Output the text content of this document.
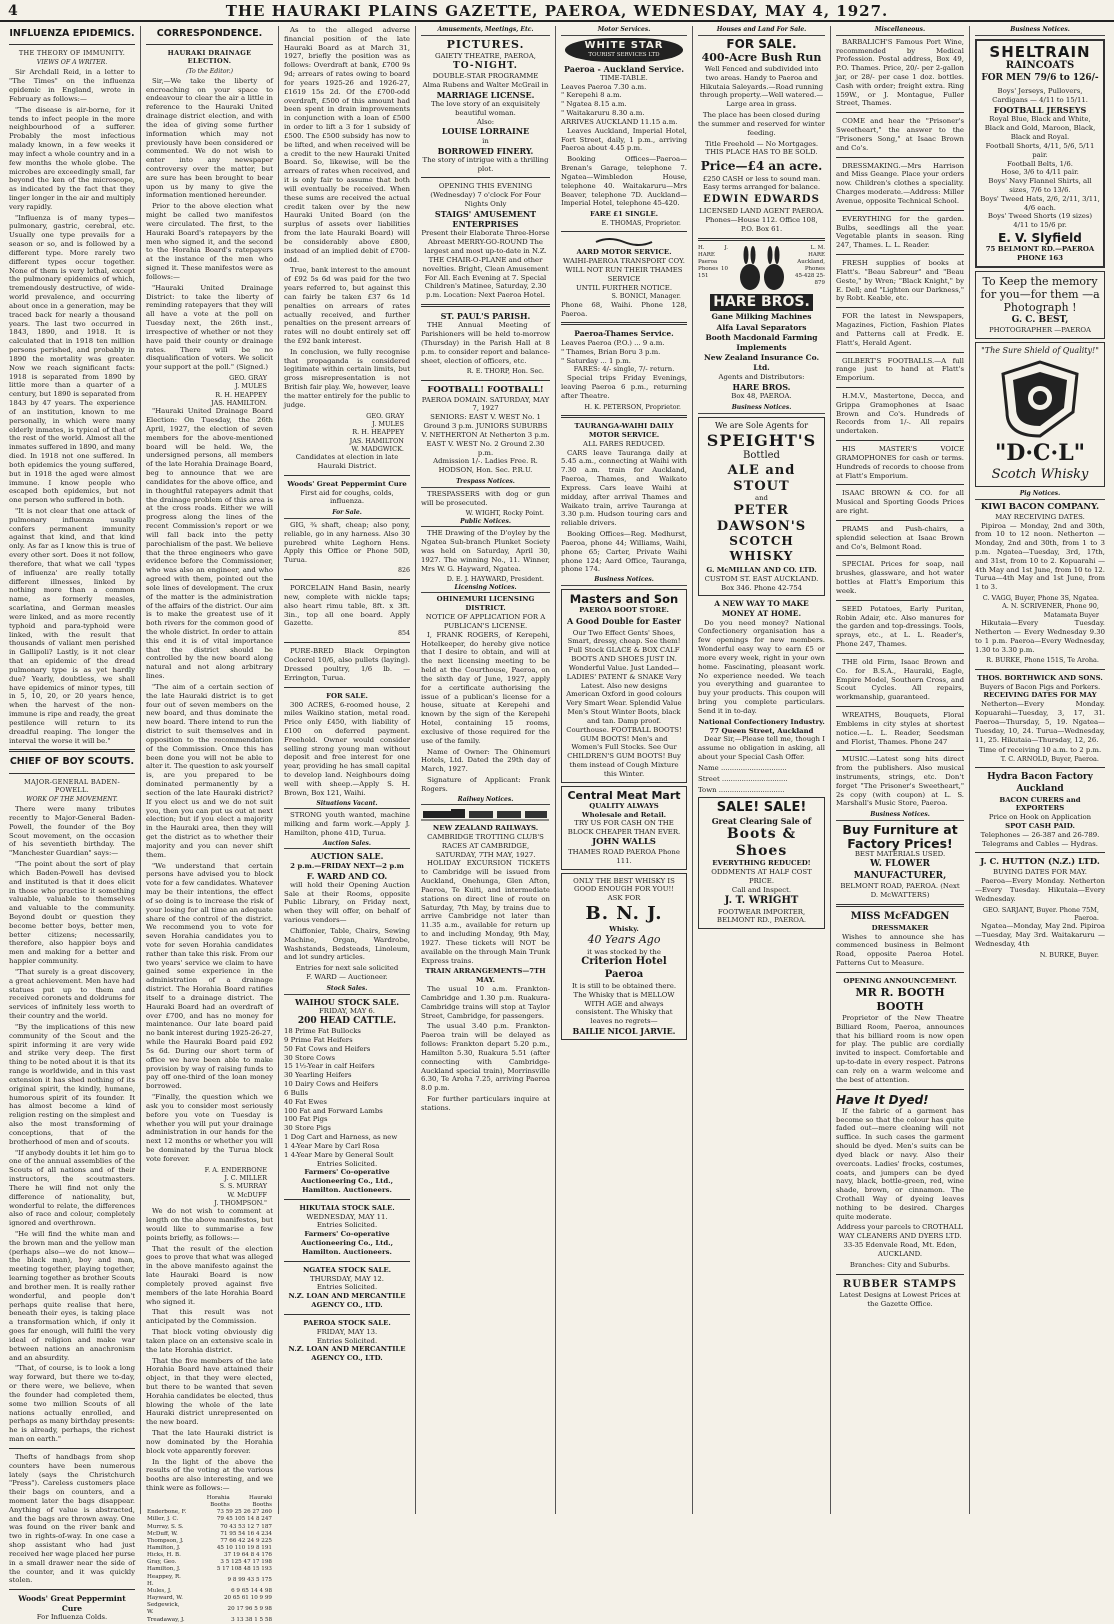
4	THE HAURAKI PLAINS GAZETTE, PAEROA, WEDNESDAY, MAY 4, 1927.
INFLUENZA EPIDEMICS.
THE THEORY OF IMMUNITY.
VIEWS OF A WRITER.

Sir Archdall Reid, in a letter to "The Times" on the influenza epidemic in England, wrote in February as follows:—

"The disease is air-borne, for it tends to infect people in the more neighbourhood of a sufferer. Probably the most infectious malady known, in a few weeks it may infect a whole country and in a few months the whole globe. The microbes are exceedingly small, far beyond the ken of the microscope, as indicated by the fact that they linger longer in the air and multiply very rapidly.

"Influenza is of many types—pulmonary, gastric, cerebral, etc. Usually one type prevails for a season or so, and is followed by a different type. More rarely two different types occur together. None of them is very lethal, except the pulmonary epidemics of which, tremendously destructive, of wide-world prevalence, and occurring about once in a generation, may be traced back for nearly a thousand years. The last two occurred in 1843, 1890, and 1918. It is calculated that in 1918 ten million persons perished, and probably in 1890 the mortality was greater. Now we reach significant facts: 1918 is separated from 1890 by little more than a quarter of a century, but 1890 is separated from 1843 by 47 years. The experience of an institution, known to me personally, in which were many elderly inmates, is typical of that of the rest of the world. Almost all the inmates suffered in 1890, and many died. In 1918 not one suffered. In both epidemics the young suffered, but in 1918 the aged were almost immune. I know people who escaped both epidemics, but not one person who suffered in both.

"It is not clear that one attack of pulmonary influenza usually confers permanent immunity against that kind, and that kind only. As far as I know this is true of every other sort. Does it not follow, therefore, that what we call 'types of influenza' are really totally different illnesses, linked by nothing more than a common name, as formerly measles, scarlatina, and German measles were linked, and as more recently typhoid and para-typhoid were linked, with the result that thousands of valiant men perished in Gallipoli? Lastly, is it not clear that an epidemic of the dread pulmonary type is as yet hardly due? Yearly, doubtless, we shall have epidemics of minor types, till in 5, 10, 20, or 20 years hence, when the harvest of the non-immune is ripe and ready, the great pestilence will return to its dreadful reaping. The longer the interval the worse it will be."

CHIEF OF BOY SCOUTS.
MAJOR-GENERAL BADEN-POWELL.
WORK OF THE MOVEMENT.

There were many tributes recently to Major-General Baden-Powell, the founder of the Boy Scout movement, on the occasion of his seventieth birthday. The "Manchester Guardian" says:—

"The point about the sort of play which Baden-Powell has devised and instituted is that it does elicit in those who practise it something valuable, valuable to themselves and valuable to the community. Beyond doubt or question they become better boys, better men, better citizens; necessarily, therefore, also happier boys and men and making for a better and happier community.

"That surely is a great discovery, a great achievement. Men have had statues put up to them and received coronets and doldrums for services of infinitely less worth to their country and the world.

"By the implications of this new community of the Scout and the spirit informing it are very wide and strike very deep. The first thing to be noted about it is that its range is worldwide, and in this vast extension it has shed nothing of its original spirit, the kindly, humane, humorous spirit of its founder. It has almost become a kind of religion resting on the simplest and also the most transforming of conceptions, that of the brotherhood of men and of scouts.

"If anybody doubts it let him go to one of the annual assemblies of the Scouts of all nations and of their instructors, the scoutmasters. There he will find not only the difference of nationality, but, wonderful to relate, the differences also of race and colour, completely ignored and overthrown.

"He will find the white man and the brown man and the yellow man (perhaps also—we do not know—the black man), boy and man, meeting together, playing together, learning together as brother Scouts and brother men. It is really rather wonderful, and people don't perhaps quite realise that here, beneath their eyes, is taking place a transformation which, if only it goes far enough, will fulfil the very ideal of religion and make war between nations an anachronism and an absurdity.

"That, of course, is to look a long way forward, but there we to-day, or there were, we believe, when the founder had completed them, some two million Scouts of all nations actually enrolled, and perhaps as many birthday presents: he is already, perhaps, the richest man on earth."

Thefts of handbags from shop counters have been numerous lately (says the Christchurch "Press"). Careless customers place their bags on counters, and a moment later the bags disappear. Anything of value is abstracted, and the bags are thrown away. One was found on the river bank and two in rights-of-way. In one case a shop assistant who had just received her wage placed her purse in a small drawer near the side of the counter, and it was quickly stolen.

Woods' Great Peppermint Cure
For Influenza Colds.
CORRESPONDENCE.
HAURAKI DRAINAGE ELECTION.
(To the Editor.)

Sir,—We take the liberty of encroaching on your space to endeavour to clear the air a little in reference to the Hauraki United drainage district election, and with the idea of giving some further information which may not previously have been considered or commented. We do not wish to enter into any newspaper controversy over the matter, but are sure has been brought to bear upon us by many to give the information mentioned hereunder.

Prior to the above election what might be called two manifestos were circulated. The first, to the Hauraki Board's ratepayers by the men who signed it, and the second to the Horahia Board's ratepayers at the instance of the men who signed it. These manifestos were as follows:—

"Hauraki United Drainage District: to take the liberty of reminding ratepayers that they will all have a vote at the poll on Tuesday next, the 26th inst., irrespective of whether or not they have paid their county or drainage rates. There will be no disqualification of voters. We solicit your support at the poll." (Signed.)

GEO. GRAY
J. MULES
R. H. HEAPPEY
JAS. HAMILTON.

"Hauraki United Drainage Board Election: On Tuesday, the 26th April, 1927, the election of seven members for the above-mentioned board will be held. We, the undersigned persons, all members of the late Horahia Drainage Board, beg to announce that we are candidates for the above office, and in thoughtful ratepayers admit that the drainage problem of this area is at the cross roads. Either we will progress along the lines of the recent Commission's report or we will fall back into the petty parochialism of the past. We believe that the three engineers who gave evidence before the Commissioner, who was also an engineer, and who agreed with them, pointed out the sole lines of development. The crux of the matter is the administration of the affairs of the district. Our aim is to make the greatest use of it both rivers for the common good of the whole district. In order to attain this end it is of vital importance that the district should be controlled by the new board along natural and not along arbitrary lines.

"The aim of a certain section of the late Hauraki district is to get four out of seven members on the new board, and thus dominate the new board. There intend to run the district to suit themselves and in opposition to the recommendation of the Commission. Once this has been done you will not be able to alter it. The question to ask yourself is, are you prepared to be dominated permanently by a section of the late Hauraki district? If you elect us and we do not suit you, then you can put us out at next election; but if you elect a majority in the Hauraki area, then they will get the district as to whether their majority and you can never shift them.

"We understand that certain persons have advised you to block vote for a few candidates. Whatever may be their intentions, the effect of so doing is to increase the risk of your losing for all time an adequate share of the control of the district. We recommend you to vote for seven Horahia candidates you to vote for seven Horahia candidates rather than take this risk. From our two years' service we claim to have gained some experience in the administration of a drainage district. The Horahia Board ratifies itself to a drainage district. The Hauraki Board had an overdraft of over £700, and has no money for maintenance. Our late board paid no bank interest during 1925-26-27, while the Hauraki Board paid £92 5s 6d. During our short term of office we have been able to make provision by way of raising funds to pay off one-third of the loan money borrowed.

"Finally, the question which we ask you to consider most seriously before you vote on Tuesday is whether you will put your drainage administration in our hands for the next 12 months or whether you will be dominated by the Turua block vote forever.

F. A. ENDERBONE
J. C. MILLER
S. S. MURRAY
W. McDUFF
J. THOMPSON."

We do not wish to comment at length on the above manifestos, but would like to summarise a few points briefly, as follows:—

That the result of the election goes to prove that what was alleged in the above manifesto against the late Hauraki Board is now completely proved against five members of the late Horahia Board who signed it.

That this result was not anticipated by the Commission.

That block voting obviously dig taken place on an extensive scale in the late Horahia district.

That the five members of the late Horahia Board have attained their object, in that they were elected, but there to be wanted that seven Horahia candidates be elected, thus blowing the whole of the late Hauraki district unrepresented on the new board.

That the late Hauraki district is now dominated by the Horahia block vote apparently forever.

In the light of the above the results of the voting at the various booths are also interesting, and we think were as follows:—

	Horahia Booths	Hauraki Booths
Enderbone, F.	73 59 25 26 27 260	
Miller, J. C.	79 45 105 14 8 247	
Murray, S. S.	70 43 53 12 7 187	
McDuff, W.	71 95 54 16 4 234	
Thompson, J.	77 66 42 24 9 225	
Hamilton, J.	45 10 110 19 8 191	
Hicks, H. B.	37 19 64 8 4 176	
Gray, Geo.	3 5 125 47 17 198	
Hamilton, J.	5 17 108 48 15 193	
Heappey, R. H.	9 8 99 43 5 175	
Mules, J.	6 9 65 14 4 98	
Hayward, W.	20 65 61 10 9 99	
Sedgewick, W.	20 17 96 5 9 98	
Treadaway, J.	3 13 38 1 5 58	

As to the alleged adverse financial position of the late Hauraki Board as at March 31, 1927, briefly the position was as follows: Overdraft at bank, £700 9s 9d; arrears of rates owing to board for years 1925-26 and 1926-27, £1619 15s 2d. Of the £700-odd overdraft, £500 of this amount had been spent in drain improvements in conjunction with a loan of £500 in order to lift a 3 for 1 subsidy of £500. The £500 subsidy has now to be lifted, and when received will be a credit to the new Hauraki United Board. So, likewise, will be the arrears of rates when received, and it is only fair to assume that both will eventually be received. When these sums are received the actual credit taken over by the new Hauraki United Board (on the surplus of assets over liabilities from the late Hauraki Board) will be considerably above £800, instead of an implied debit of £700-odd.

True, bank interest to the amount of £92 5s 6d was paid for the two years referred to, but against this can fairly be taken £37 6s 1d penalties on arrears of rates actually received, and further penalties on the present arrears of rates will no doubt entirely set off the £92 bank interest.

In conclusion, we fully recognise that propaganda is considered legitimate within certain limits, but gross misrepresentation is not British fair play. We, however, leave the matter entirely for the public to judge.

GEO. GRAY
J. MULES
R. H. HEAPPEY
JAS. HAMILTON
W. MADGWICK.

Candidates at election in late Hauraki District.

Woods' Great Peppermint Cure
First aid for coughs, colds, influenza.
For Sale.

GIG, ¾ shaft, cheap; also pony, reliable, go in any harness. Also 30 purebred white Leghorn Hens. Apply this Office or Phone 50D, Turua.

826

PORCELAIN Hand Basin, nearly new, complete with nickle taps; also heart rimu table, 8ft. x 3ft. 3in., top all one board. Apply Gazette.

854

PURE-BRED Black Orpington Cockerel 10/6, also pullets (laying). Dressed poultry, 1/6 lb. —Errington, Turua.

FOR SALE.

300 ACRES, 6-roomed house, 2 miles Waikino station, metal road. Price only £450, with liability of £100 on deferred payment. Freehold. Owner would consider selling strong young man without deposit and free interest for one year, providing he has small capital to develop land. Neighbours doing well with sheep.—Apply S. H. Brown, Box 121, Waihi.

Situations Vacant.

STRONG youth wanted, machine milking and farm work.—Apply J. Hamilton, phone 41D, Turua.

Auction Sales.
AUCTION SALE.
2 p.m.—FRIDAY NEXT—2 p.m
F. WARD AND CO.

will hold their Opening Auction Sale at their Rooms, opposite Public Library, on Friday next, when they will offer, on behalf of various vendors—

Chiffonier, Table, Chairs, Sewing Machine, Organ, Wardrobe, Washstands, Bedsteads, Linoleum, and lot sundry articles.

Entries for next sale solicited
F. WARD — Auctioneer.
Stock Sales.
WAIHOU STOCK SALE.
FRIDAY, MAY 6.
200 HEAD CATTLE.
18 Prime Fat Bullocks
9 Prime Fat Heifers
50 Fat Cows and Heifers
30 Store Cows
15 1½-Year in calf Heifers
30 Yearling Heifers
10 Dairy Cows and Heifers
6 Bulls
40 Fat Ewes
100 Fat and Forward Lambs
100 Fat Pigs
30 Store Pigs
1 Dog Cart and Harness, as new
1 4-Year Mare by Carl Rosa
1 4-Year Mare by General Soult
Entries Solicited.
Farmers' Co-operative Auctioneering Co., Ltd., Hamilton. Auctioneers.
HIKUTAIA STOCK SALE.
WEDNESDAY, MAY 11.
Entries Solicited.
Farmers' Co-operative Auctioneering Co., Ltd., Hamilton. Auctioneers.
NGATEA STOCK SALE.
THURSDAY, MAY 12.
Entries Solicited.
N.Z. LOAN AND MERCANTILE AGENCY CO., LTD.
PAEROA STOCK SALE.
FRIDAY, MAY 13.
Entries Solicited.
N.Z. LOAN AND MERCANTILE AGENCY CO., LTD.
Amusements, Meetings, Etc.
PICTURES.
GAIETY THEATRE, PAEROA,
TO-NIGHT.
DOUBLE-STAR PROGRAMME
Alma Rubens and Walter McGrail in
MARRIAGE LICENSE.
The love story of an exquisitely beautiful woman.
Also:
LOUISE LORRAINE
in
BORROWED FINERY.
The story of intrigue with a thrilling plot.
OPENING THIS EVENING (Wednesday) 7 o'clock For Four Nights Only
STAIGS' AMUSEMENT ENTERPRISES
Present their Elaborate Three-Horse Abreast MERRY-GO-ROUND The largest and most up-to-date in N.Z.
THE CHAIR-O-PLANE and other novelties. Bright, Clean Amusement For All. Each Evening at 7. Special Children's Matinee, Saturday, 2.30 p.m. Location: Next Paeroa Hotel.
ST. PAUL'S PARISH.

THE Annual Meeting of Parishioners will be held to-morrow (Thursday) in the Parish Hall at 8 p.m. to consider report and balance-sheet, election of officers, etc.

R. E. THORP, Hon. Sec.
FOOTBALL! FOOTBALL!
PAEROA DOMAIN. SATURDAY, MAY 7, 1927
SENIORS: EAST V. WEST No. 1 Ground 3 p.m. JUNIORS SUBURBS V. NETHERTON At Netherton 3 p.m. EAST V. WEST No. 2 Ground 2.30 p.m.
Admission 1/-. Ladies Free. R. HODSON, Hon. Sec. P.R.U.
Trespass Notices.

TRESPASSERS with dog or gun will be prosecuted.

W. WIGHT, Rocky Point.
Public Notices.

THE Drawing of the D'oyley by the Ngatea Sub-branch Plunket Society was held on Saturday, April 30, 1927. The winning No., 11. Winner, Mrs W. G. Hayward, Ngatea.

D. E. J. HAYWARD, President.
Licensing Notices.
OHINEMURI LICENSING DISTRICT.
NOTICE OF APPLICATION FOR A PUBLICAN'S LICENSE.

I, FRANK ROGERS, of Kerepehi, Hotelkeeper, do hereby give notice that I desire to obtain, and will at the next licensing meeting to be held at the Courthouse, Paeroa, on the sixth day of June, 1927, apply for a certificate authorising the issue of a publican's license for a house, situate at Kerepehi and known by the sign of the Kerepehi Hotel, containing 15 rooms, exclusive of those required for the use of the family.

Name of Owner: The Ohinemuri Hotels, Ltd. Dated the 29th day of March, 1927.

Signature of Applicant: Frank Rogers.

Railway Notices.
NEW ZEALAND RAILWAYS.
CAMBRIDGE TROTTING CLUB'S RACES AT CAMBRIDGE, SATURDAY, 7TH MAY, 1927.

HOLIDAY EXCURSION TICKETS to Cambridge will be issued from Auckland, Onehunga, Glen Afton, Paeroa, Te Kuiti, and intermediate stations on direct line of route on Saturday, 7th May, by trains due to arrive Cambridge not later than 11.35 a.m., available for return up to and including Monday, 9th May, 1927. These tickets will NOT be available on the through Main Trunk Express trains.

TRAIN ARRANGEMENTS—7TH MAY.

The usual 10 a.m. Frankton-Cambridge and 1.30 p.m. Ruakura-Cambridge trains will stop at Taylor Street, Cambridge, for passengers.

The usual 3.40 p.m. Frankton-Paeroa train will be delayed as follows: Frankton depart 5.20 p.m., Hamilton 5.30, Ruakura 5.51 (after connecting with Cambridge-Auckland special train), Morrinsville 6.30, Te Aroha 7.25, arriving Paeroa 8.0 p.m.

For further particulars inquire at stations.

Motor Services.
WHITE STAR
TOURIST SERVICES LTD
Paeroa - Auckland Service.
TIME-TABLE.
Leaves Paeroa 7.30 a.m.
" Kerepehi 8 a.m.
" Ngatea 8.15 a.m.
" Waitakaruru 8.30 a.m.
ARRIVES AUCKLAND 11.15 a.m.

Leaves Auckland, Imperial Hotel, Fort Street, daily, 1 p.m., arriving Paeroa about 4.45 p.m.

Booking Offices—Paeroa—Brenan's Garage, telephone 7. Ngatea—Wimbledon House, telephone 40. Waitakaruru—Mrs Beaver, telephone 7D. Auckland—Imperial Hotel, telephone 45-420.

FARE £1 SINGLE.
E. THOMAS, Proprietor.
AARD MOTOR SERVICE.
WAIHI-PAEROA TRANSPORT COY.
WILL NOT RUN THEIR THAMES SERVICE
UNTIL FURTHER NOTICE.
S. BONICI, Manager.
Phone 68, Waihi. Phone 128, Paeroa.
Paeroa-Thames Service.
Leaves Paeroa (P.O.) ... 9 a.m.
" Thames, Brian Boru 3 p.m.
" Saturday ... 1 p.m.
FARES: 4/- single, 7/- return.

Special trips Friday Evenings, leaving Paeroa 6 p.m., returning after Theatre.

H. K. PETERSON, Proprietor.
TAURANGA-WAIHI DAILY MOTOR SERVICE.
ALL FARES REDUCED.

CARS leave Tauranga daily at 5.45 a.m., connecting at Waihi with 7.30 a.m. train for Auckland, Paeroa, Thames, and Waikato Express. Cars leave Waihi at midday, after arrival Thames and Waikato train, arrive Tauranga at 3.30 p.m. Hudson touring cars and reliable drivers.

Booking Offices—Reg. Medhurst, Paeroa, phone 44; Williams, Waihi, phone 65; Carter, Private Waihi phone 124; Aard Office, Tauranga, phone 174.

Business Notices.
Masters and Son
PAEROA BOOT STORE.
A Good Double for Easter
Our Two Effect Gents' Shoes, Smart, dressy, cheap. See them!
Full Stock GLACE & BOX CALF BOOTS AND SHOES JUST IN. Wonderful Value. Just Landed— LADIES' PATENT & SNAKE Very Latest. Also new designs American Oxford in good colours Very Smart Wear. Splendid Value Men's Stout Winter Boots, black and tan. Damp proof. Courthouse. FOOTBALL BOOTS! GUM BOOTS! Men's and Women's Full Stocks. See Our CHILDREN'S GUM BOOTS! Buy them instead of Cough Mixture this Winter.
Central Meat Mart
QUALITY ALWAYS
Wholesale and Retail.
TRY US FOR CASH ON THE BLOCK CHEAPER THAN EVER.
JOHN WALLS
THAMES ROAD PAEROA Phone 111.
ONLY THE BEST WHISKY IS GOOD ENOUGH FOR YOU!!
ASK FOR
B. N. J.
Whisky.
40 Years Ago
it was stocked by the
Criterion Hotel Paeroa
It is still to be obtained there.
The Whisky that is MELLOW WITH AGE and always consistent. The Whisky that leaves no regrets—
BAILIE NICOL JARVIE.
Houses and Land For Sale.
FOR SALE.
400-Acre Bush Run

Well Fenced and subdivided into two areas. Handy to Paeroa and Hikutaia Saleyards.—Road running through property.—Well watered.—Large area in grass.

The place has been closed during the summer and reserved for winter feeding.

Title Freehold — No Mortgages. THIS PLACE HAS TO BE SOLD.

Price—£4 an acre.

£250 CASH or less to sound man. Easy terms arranged for balance.

EDWIN EDWARDS
LICENSED LAND AGENT PAEROA.
Phones—House 112. Office 108, P.O. Box 61.
H. J. HARE Paeroa Phones 10 151
L. M. HARE Auckland, Phones 45-428 25-879
HARE BROS.
Gane Milking Machines
Alfa Laval Separators
Booth Macdonald Farming Implements
New Zealand Insurance Co. Ltd.
Agents and Distributors:
HARE BROS.
Box 48, PAEROA.
Business Notices.
We are Sole Agents for
SPEIGHT'S
Bottled
ALE and STOUT
and
PETER DAWSON'S
SCOTCH WHISKY
G. McMILLAN AND CO. LTD.
CUSTOM ST. EAST AUCKLAND.
Box 346. Phone 42-754
A NEW WAY TO MAKE MONEY AT HOME.

Do you need money? National Confectionery organisation has a few openings for new members. Wonderful easy way to earn £5 or more every week, right in your own home. Fascinating, pleasant work. No experience needed. We teach you everything and guarantee to buy your products. This coupon will bring you complete particulars. Send it in to-day.

National Confectionery Industry. 77 Queen Street, Auckland

Dear Sir,—Please tell me, though I assume no obligation in asking, all about your Special Cash Offer.

Name ..............................
Street ..............................
Town ..............................
SALE! SALE!
Great Clearing Sale of
Boots & Shoes
EVERYTHING REDUCED!
ODDMENTS AT HALF COST PRICE.
Call and Inspect.
J. T. WRIGHT
FOOTWEAR IMPORTER, BELMONT RD., PAEROA.
Miscellaneous.

BARBALICH'S Famous Port Wine, recommended by Medical Profession. Postal address, Box 49, P.O. Thames. Price, 20/- per 2-gallon jar, or 28/- per case 1 doz. bottles. Cash with order; freight extra. Ring 159W., or J. Montague, Fuller Street, Thames.

COME and hear the "Prisoner's Sweetheart," the answer to the "Prisoners Song," at Isaac Brown and Co's.

DRESSMAKING.—Mrs Harrison and Miss Geange. Place your orders now. Children's clothes a speciality. Charges moderate.—Address: Miller Avenue, opposite Technical School.

EVERYTHING for the garden. Bulbs, seedlings all the year. Vegetable plants in season. Ring 247, Thames. L. L. Reader.

FRESH supplies of books at Flatt's. "Beau Sabreur" and "Beau Geste," by Wren; "Black Knight," by E. Dell; and "Lighten our Darkness," by Robt. Keable, etc.

FOR the latest in Newspapers, Magazines, Fiction, Fashion Plates and Patterns call at Fredk. E. Flatt's, Herald Agent.

GILBERT'S FOOTBALLS.—A full range just to hand at Flatt's Emporium.

H.M.V., Mastertone, Decca, and Grippa Gramophones at Isaac Brown and Co's. Hundreds of Records from 1/-. All repairs undertaken.

HIS MASTER'S VOICE GRAMOPHONES for cash or terms. Hundreds of records to choose from at Flatt's Emporium.

ISAAC BROWN & CO. for all Musical and Sporting Goods Prices are right.

PRAMS and Push-chairs, a splendid selection at Isaac Brown and Co's, Belmont Road.

SPECIAL Prices for soap, nail brushes, glassware, and hot water bottles at Flatt's Emporium this week.

SEED Potatoes, Early Puritan, Robin Adair, etc. Also manures for the garden and top-dressings. Tools, sprays, etc., at L. L. Reader's, Phone 247, Thames.

THE old Firm, Isaac Brown and Co. for B.S.A., Hauraki, Eagle, Empire Model, Southern Cross, and Scout Cycles. All repairs, workmanship, guaranteed.

WREATHS, Bouquets, Floral Emblems in city styles at shortest notice.—L. L. Reader, Seedsman and Florist, Thames. Phone 247

MUSIC.—Latest song hits direct from the publishers. Also musical instruments, strings, etc. Don't forget "The Prisoner's Sweetheart," 2s copy (with coupon) at L. S. Marshall's Music Store, Paeroa.

Business Notices.
Buy Furniture at Factory Prices!
BEST MATERIALS USED.
W. FLOWER MANUFACTURER,
BELMONT ROAD, PAEROA. (Next D. McWATTERS)
MISS McFADGEN
DRESSMAKER

Wishes to announce she has commenced business in Belmont Road, opposite Paeroa Hotel. Patterns Cut to Measure.

OPENING ANNOUNCEMENT.
MR R. BOOTH BOOTH

Proprietor of the New Theatre Billiard Room, Paeroa, announces that his billiard room is now open for play. The public are cordially invited to inspect. Comfortable and up-to-date in every respect. Patrons can rely on a warm welcome and the best of attention.

Have It Dyed!

If the fabric of a garment has become so that the colour has quite faded out—mere cleaning will not suffice. In such cases the garment should be dyed. Men's suits can be dyed black or navy. Also their overcoats. Ladies' frocks, costumes, coats, and jumpers can be dyed navy, black, bottle-green, red, wine shade, brown, or cinnamon. The Crothall Way of dyeing leaves nothing to be desired. Charges quite moderate.

Address your parcels to CROTHALL WAY CLEANERS AND DYERS LTD. 33-35 Edenvale Road, Mt. Eden, AUCKLAND.

Branches: City and Suburbs.
RUBBER STAMPS
Latest Designs at Lowest Prices at the Gazette Office.
Business Notices.
SHELTRAIN
RAINCOATS
FOR MEN 79/6 to 126/-
Boys' Jerseys, Pullovers, Cardigans — 4/11 to 15/11.
FOOTBALL JERSEYS
Royal Blue, Black and White, Black and Gold, Maroon, Black, Black and Royal.
Football Shorts, 4/11, 5/6, 5/11 pair.
Football Belts, 1/6.
Hose, 3/6 to 4/11 pair.
Boys' Navy Flannel Shirts, all sizes, 7/6 to 13/6.
Boys' Tweed Hats, 2/6, 2/11, 3/11, 4/6 each.
Boys' Tweed Shorts (19 sizes) 4/11 to 15/6 pr.
E. V. Slyfield
75 BELMONT RD.—PAEROA PHONE 163
To Keep the memory for you—for them —a Photograph !
G. C. BEST,
PHOTOGRAPHER —PAEROA
"The Sure Shield of Quality!"
"D·C·L"
Scotch Whisky
Pig Notices.
KIWI BACON COMPANY.
MAY RECEIVING DATES.

Pipiroa — Monday, 2nd and 30th, from 10 to 12 noon. Netherton — Monday, 2nd and 30th, from 1 to 3 p.m. Ngatea—Tuesday, 3rd, 17th, and 31st, from 10 to 2. Kopuarahi — 4th May and 1st June, from 10 to 12. Turua—4th May and 1st June, from 1 to 3.

C. VAGG, Buyer, Phone 3S, Ngatea.
A. N. SCRIVENER, Phone 90, Matamata Buyer

Hikutaia—Every Tuesday. Netherton — Every Wednesday 9.30 to 1 p.m. Paeroa—Every Wednesday, 1.30 to 3.30 p.m.

R. BURKE, Phone 151S, Te Aroha.
THOS. BORTHWICK AND SONS.
Buyers of Bacon Pigs and Porkers.
RECEIVING DATES FOR MAY

Netherton—Every Monday. Kopuarahi—Tuesday, 3, 17, 31. Paeroa—Thursday, 5, 19. Ngatea—Tuesday, 10, 24. Turua—Wednesday, 11, 25. Hikutaia—Thursday, 12, 26.

Time of receiving 10 a.m. to 2 p.m.
T. C. ARNOLD, Buyer, Paeroa.
Hydra Bacon Factory Auckland
BACON CURERS and EXPORTERS
Price on Hook on Application
SPOT CASH PAID.
Telephones — 26-387 and 26-789. Telegrams and Cables — Hydras.
J. C. HUTTON (N.Z.) LTD.
BUYING DATES FOR MAY.

Paeroa—Every Monday. Netherton—Every Tuesday. Hikutaia—Every Wednesday.

GEO. SARJANT, Buyer. Phone 75M, Paeroa.

Ngatea—Monday, May 2nd. Pipiroa—Tuesday, May 3rd. Waitakaruru — Wednesday, 4th

N. BURKE, Buyer.
